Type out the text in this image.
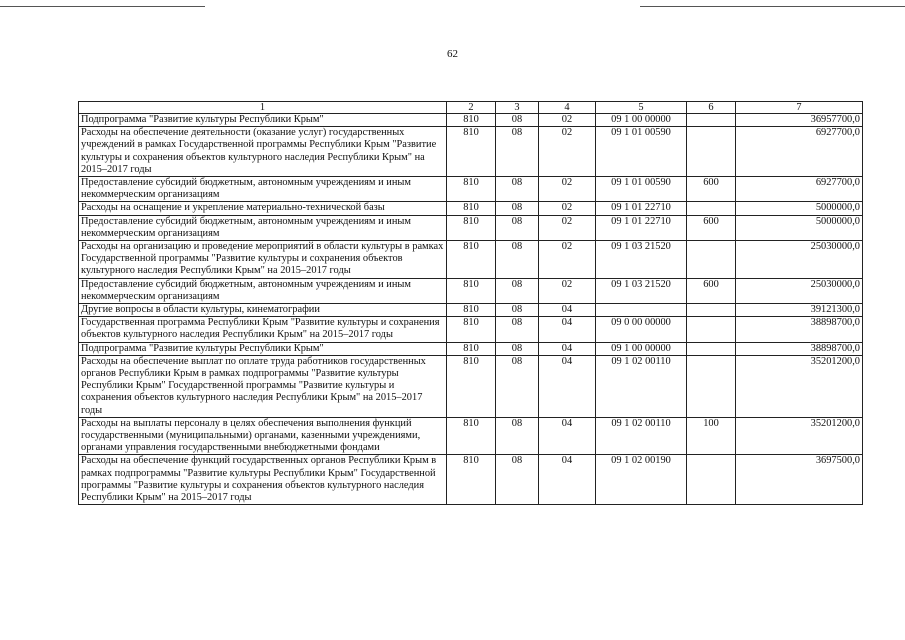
62
1	2	3	4	5	6	7
Подпрограмма "Развитие культуры Республики Крым"	810	08	02	09 1 00 00000		36957700,0
Расходы на обеспечение деятельности (оказание услуг) государственных учреждений в рамках Государственной программы Республики Крым "Развитие культуры и сохранения объектов культурного наследия Республики Крым" на 2015–2017 годы	810	08	02	09 1 01 00590		6927700,0
Предоставление субсидий бюджетным, автономным учреждениям и иным некоммерческим организациям	810	08	02	09 1 01 00590	600	6927700,0
Расходы на оснащение и укрепление материально-технической базы	810	08	02	09 1 01 22710		5000000,0
Предоставление субсидий бюджетным, автономным учреждениям и иным некоммерческим организациям	810	08	02	09 1 01 22710	600	5000000,0
Расходы на организацию и проведение мероприятий в области культуры в рамках Государственной программы "Развитие культуры и сохранения объектов культурного наследия Республики Крым" на 2015–2017 годы	810	08	02	09 1 03 21520		25030000,0
Предоставление субсидий бюджетным, автономным учреждениям и иным некоммерческим организациям	810	08	02	09 1 03 21520	600	25030000,0
Другие вопросы в области культуры, кинематографии	810	08	04			39121300,0
Государственная программа Республики Крым "Развитие культуры и сохранения объектов культурного наследия Республики Крым" на 2015–2017 годы	810	08	04	09 0 00 00000		38898700,0
Подпрограмма "Развитие культуры Республики Крым"	810	08	04	09 1 00 00000		38898700,0
Расходы на обеспечение выплат по оплате труда работников государственных органов Республики Крым в рамках подпрограммы "Развитие культуры Республики Крым" Государственной программы "Развитие культуры и сохранения объектов культурного наследия Республики Крым" на 2015–2017 годы	810	08	04	09 1 02 00110		35201200,0
Расходы на выплаты персоналу в целях обеспечения выполнения функций государственными (муниципальными) органами, казенными учреждениями, органами управления государственными внебюджетными фондами	810	08	04	09 1 02 00110	100	35201200,0
Расходы на обеспечение функций государственных органов Республики Крым в рамках подпрограммы "Развитие культуры Республики Крым" Государственной программы "Развитие культуры и сохранения объектов культурного наследия Республики Крым" на 2015–2017 годы	810	08	04	09 1 02 00190		3697500,0
